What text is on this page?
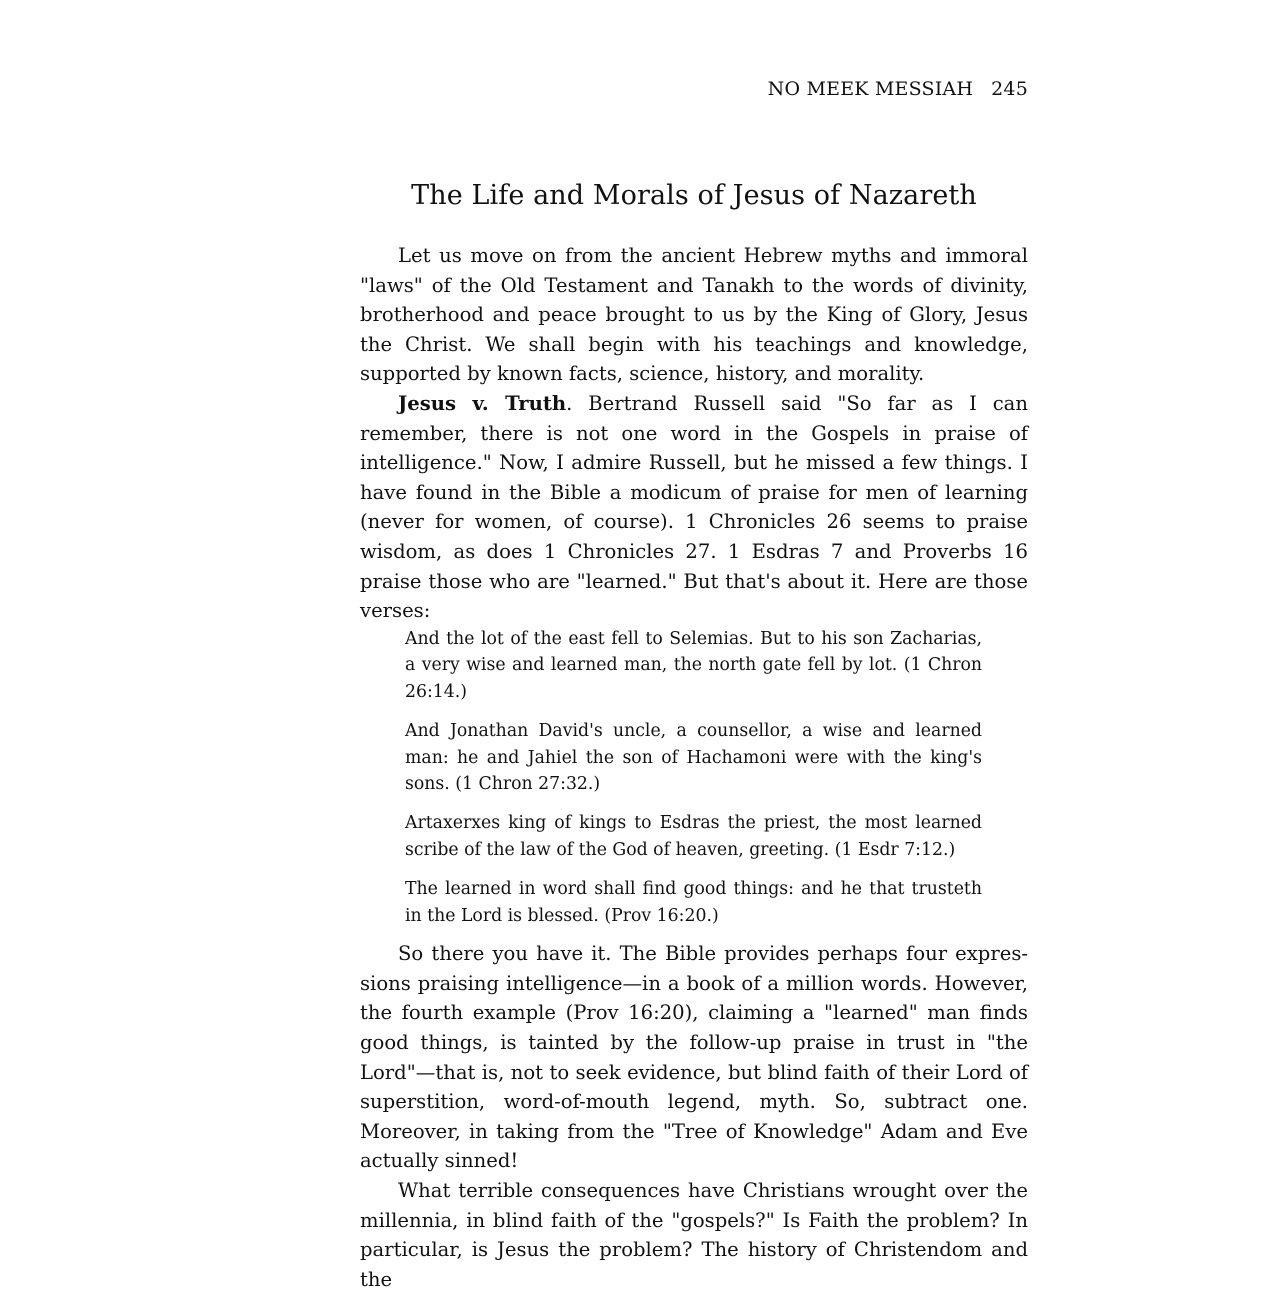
NO MEEK MESSIAH 245
The Life and Morals of Jesus of Nazareth

Let us move on from the ancient Hebrew myths and immoral "laws" of the Old Testament and Tanakh to the words of divinity, brotherhood and peace brought to us by the King of Glory, Jesus the Christ. We shall begin with his teachings and knowledge, supported by known facts, science, history, and morality.

Jesus v. Truth. Bertrand Russell said "So far as I can remember, there is not one word in the Gospels in praise of intelligence." Now, I admire Russell, but he missed a few things. I have found in the Bible a modicum of praise for men of learning (never for women, of course). 1 Chronicles 26 seems to praise wisdom, as does 1 Chronicles 27. 1 Esdras 7 and Proverbs 16 praise those who are "learned." But that's about it. Here are those verses:

And the lot of the east fell to Selemias. But to his son Zacharias, a very wise and learned man, the north gate fell by lot. (1 Chron 26:14.)

And Jonathan David's uncle, a counsellor, a wise and learned man: he and Jahiel the son of Hachamoni were with the king's sons. (1 Chron 27:32.)

Artaxerxes king of kings to Esdras the priest, the most learned scribe of the law of the God of heaven, greeting. (1 Esdr 7:12.)

The learned in word shall find good things: and he that trusteth in the Lord is blessed. (Prov 16:20.)

So there you have it. The Bible provides perhaps four expressions praising intelligence—in a book of a million words. However, the fourth example (Prov 16:20), claiming a "learned" man finds good things, is tainted by the follow-up praise in trust in "the Lord"—that is, not to seek evidence, but blind faith of their Lord of superstition, word-of-mouth legend, myth. So, subtract one. Moreover, in taking from the "Tree of Knowledge" Adam and Eve actually sinned!

What terrible consequences have Christians wrought over the millennia, in blind faith of the "gospels?" Is Faith the problem? In particular, is Jesus the problem? The history of Christendom and the
